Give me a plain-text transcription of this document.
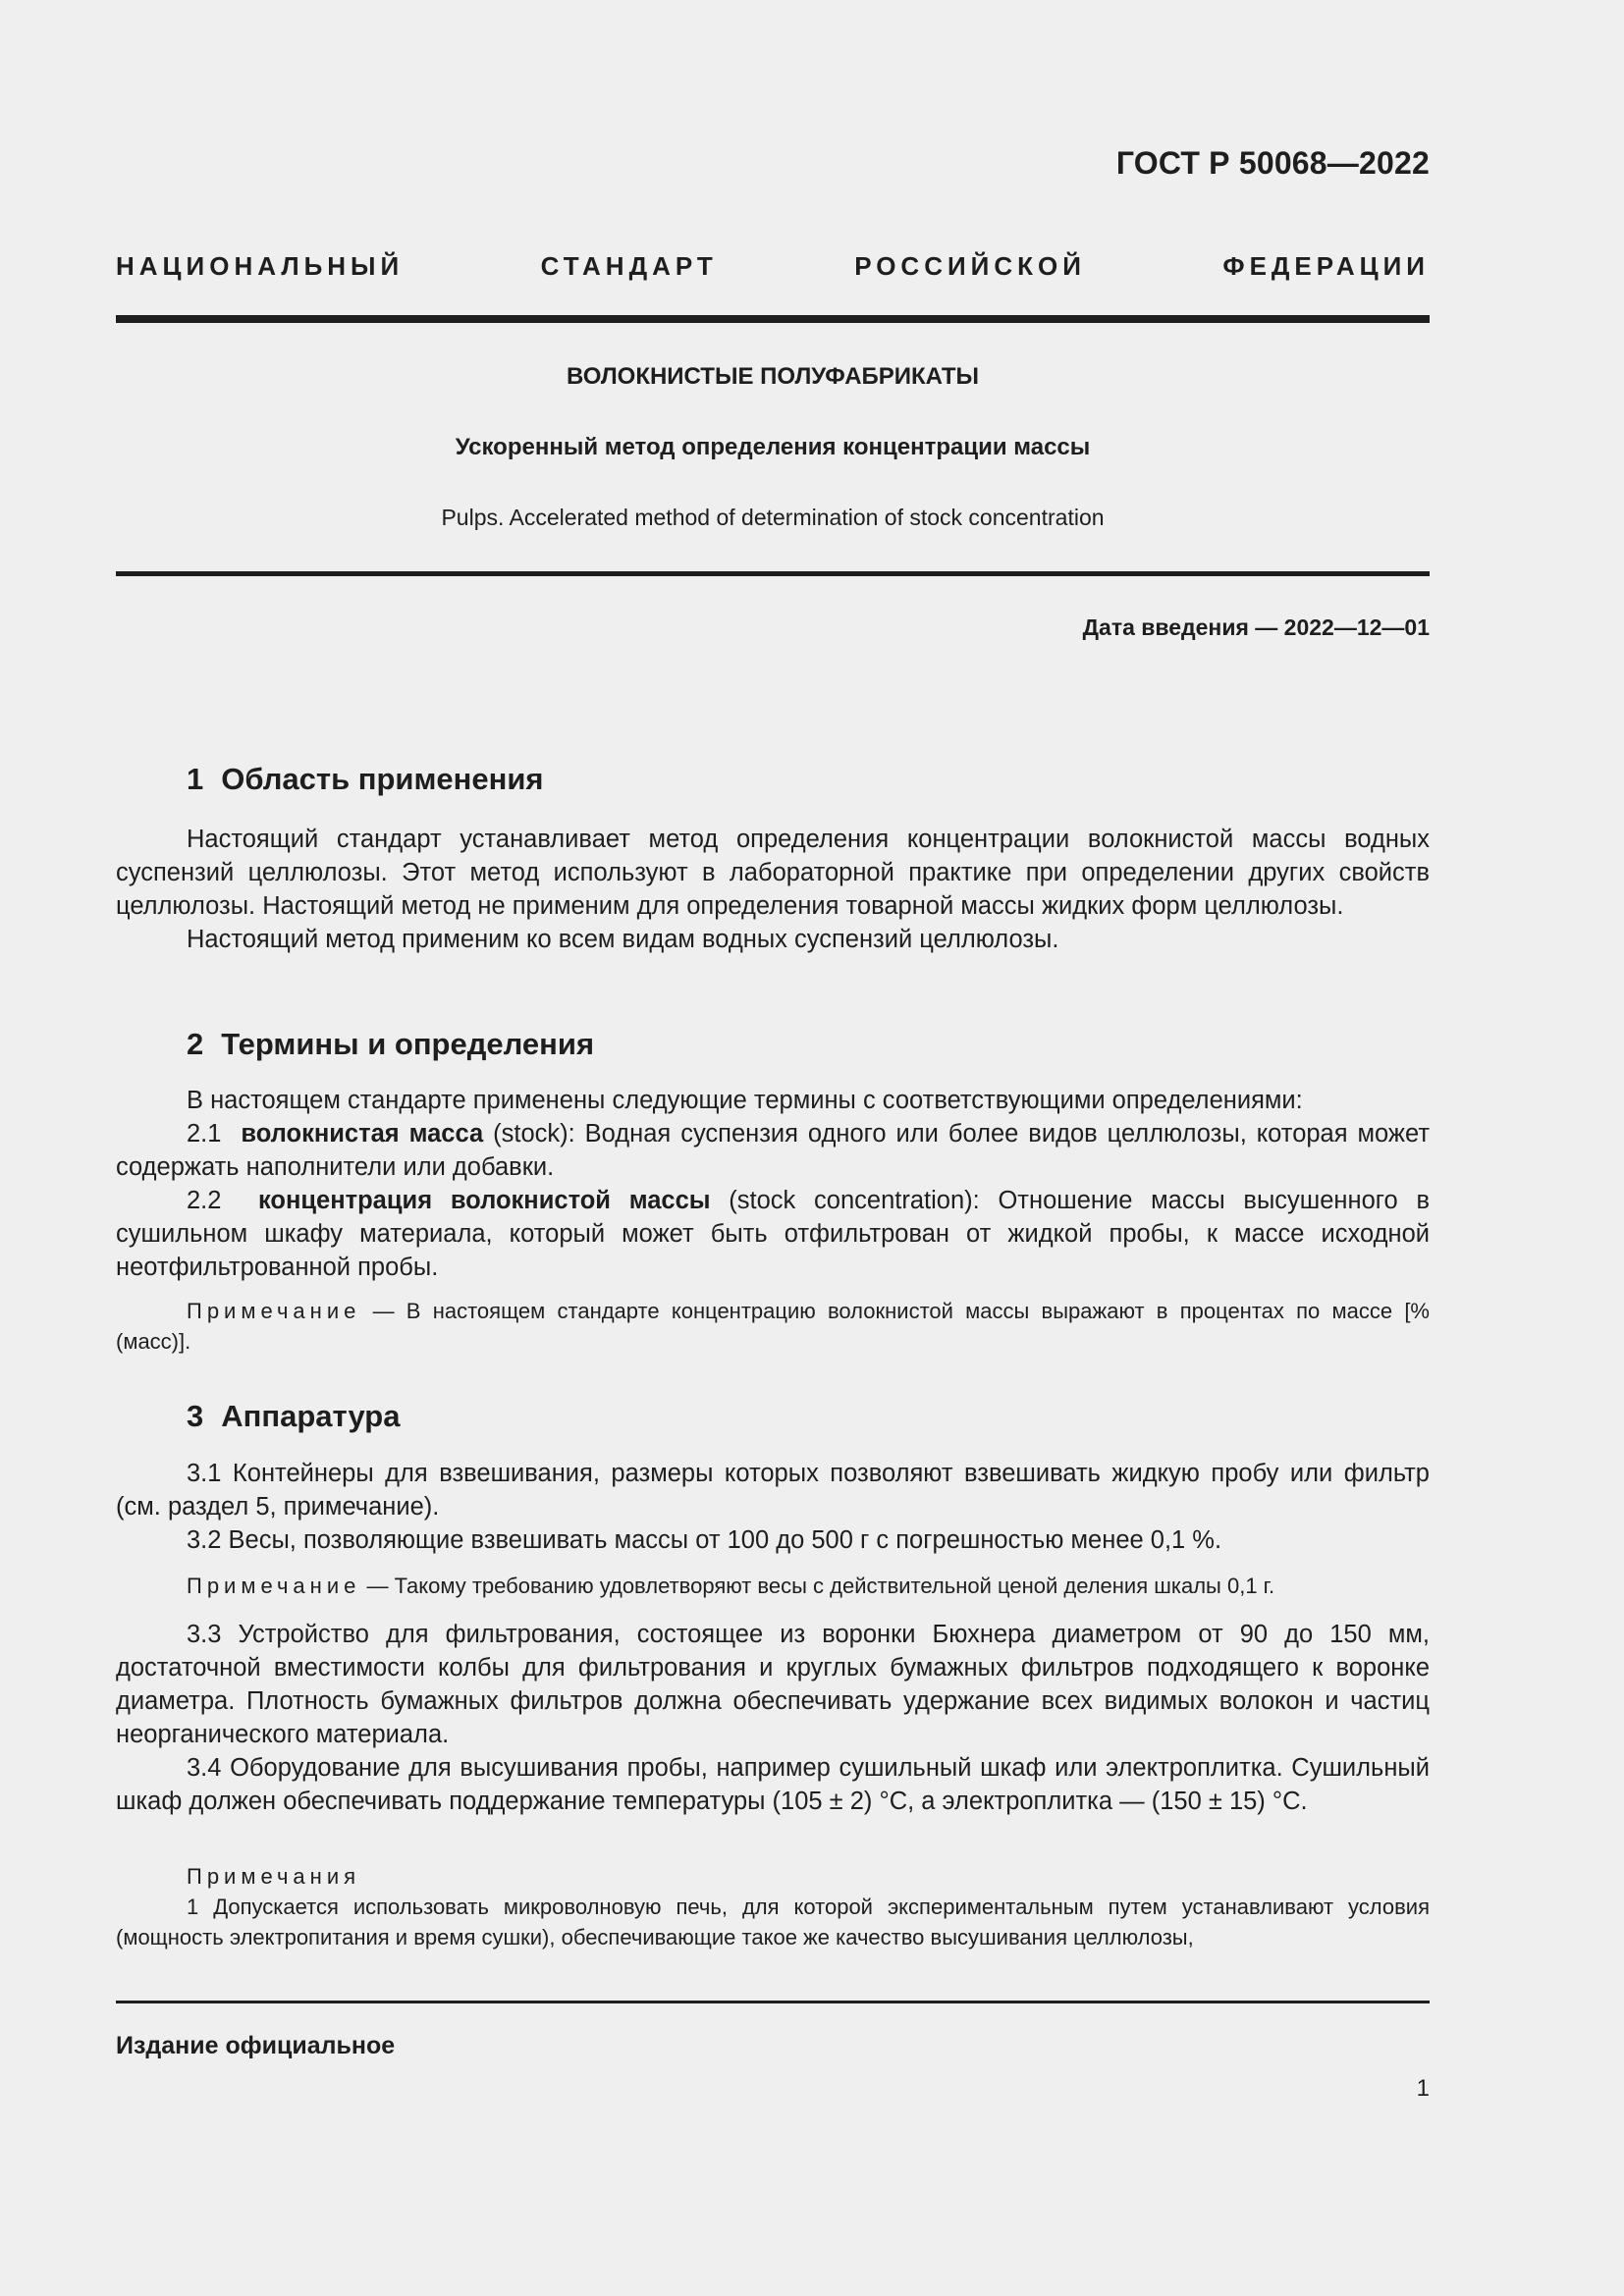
ГОСТ Р 50068—2022
НАЦИОНАЛЬНЫЙ	СТАНДАРТ	РОССИЙСКОЙ	ФЕДЕРАЦИИ
ВОЛОКНИСТЫЕ ПОЛУФАБРИКАТЫ
Ускоренный метод определения концентрации массы
Pulps. Accelerated method of determination of stock concentration
Дата введения — 2022—12—01
1 Область применения

Настоящий стандарт устанавливает метод определения концентрации волокнистой массы водных суспензий целлюлозы. Этот метод используют в лабораторной практике при определении других свойств целлюлозы. Настоящий метод не применим для определения товарной массы жидких форм целлюлозы.

Настоящий метод применим ко всем видам водных суспензий целлюлозы.

2 Термины и определения

В настоящем стандарте применены следующие термины с соответствующими определениями:

2.1 волокнистая масса (stock): Водная суспензия одного или более видов целлюлозы, которая может содержать наполнители или добавки.

2.2 концентрация волокнистой массы (stock concentration): Отношение массы высушенного в сушильном шкафу материала, который может быть отфильтрован от жидкой пробы, к массе исходной неотфильтрованной пробы.

Примечание — В настоящем стандарте концентрацию волокнистой массы выражают в процентах по массе [% (масс)].

3 Аппаратура

3.1 Контейнеры для взвешивания, размеры которых позволяют взвешивать жидкую пробу или фильтр (см. раздел 5, примечание).

3.2 Весы, позволяющие взвешивать массы от 100 до 500 г с погрешностью менее 0,1 %.

Примечание — Такому требованию удовлетворяют весы с действительной ценой деления шкалы 0,1 г.

3.3 Устройство для фильтрования, состоящее из воронки Бюхнера диаметром от 90 до 150 мм, достаточной вместимости колбы для фильтрования и круглых бумажных фильтров подходящего к воронке диаметра. Плотность бумажных фильтров должна обеспечивать удержание всех видимых волокон и частиц неорганического материала.

3.4 Оборудование для высушивания пробы, например сушильный шкаф или электроплитка. Сушильный шкаф должен обеспечивать поддержание температуры (105 ± 2) °С, а электроплитка — (150 ± 15) °С.

Примечания

1 Допускается использовать микроволновую печь, для которой экспериментальным путем устанавливают условия (мощность электропитания и время сушки), обеспечивающие такое же качество высушивания целлюлозы,

Издание официальное
1
